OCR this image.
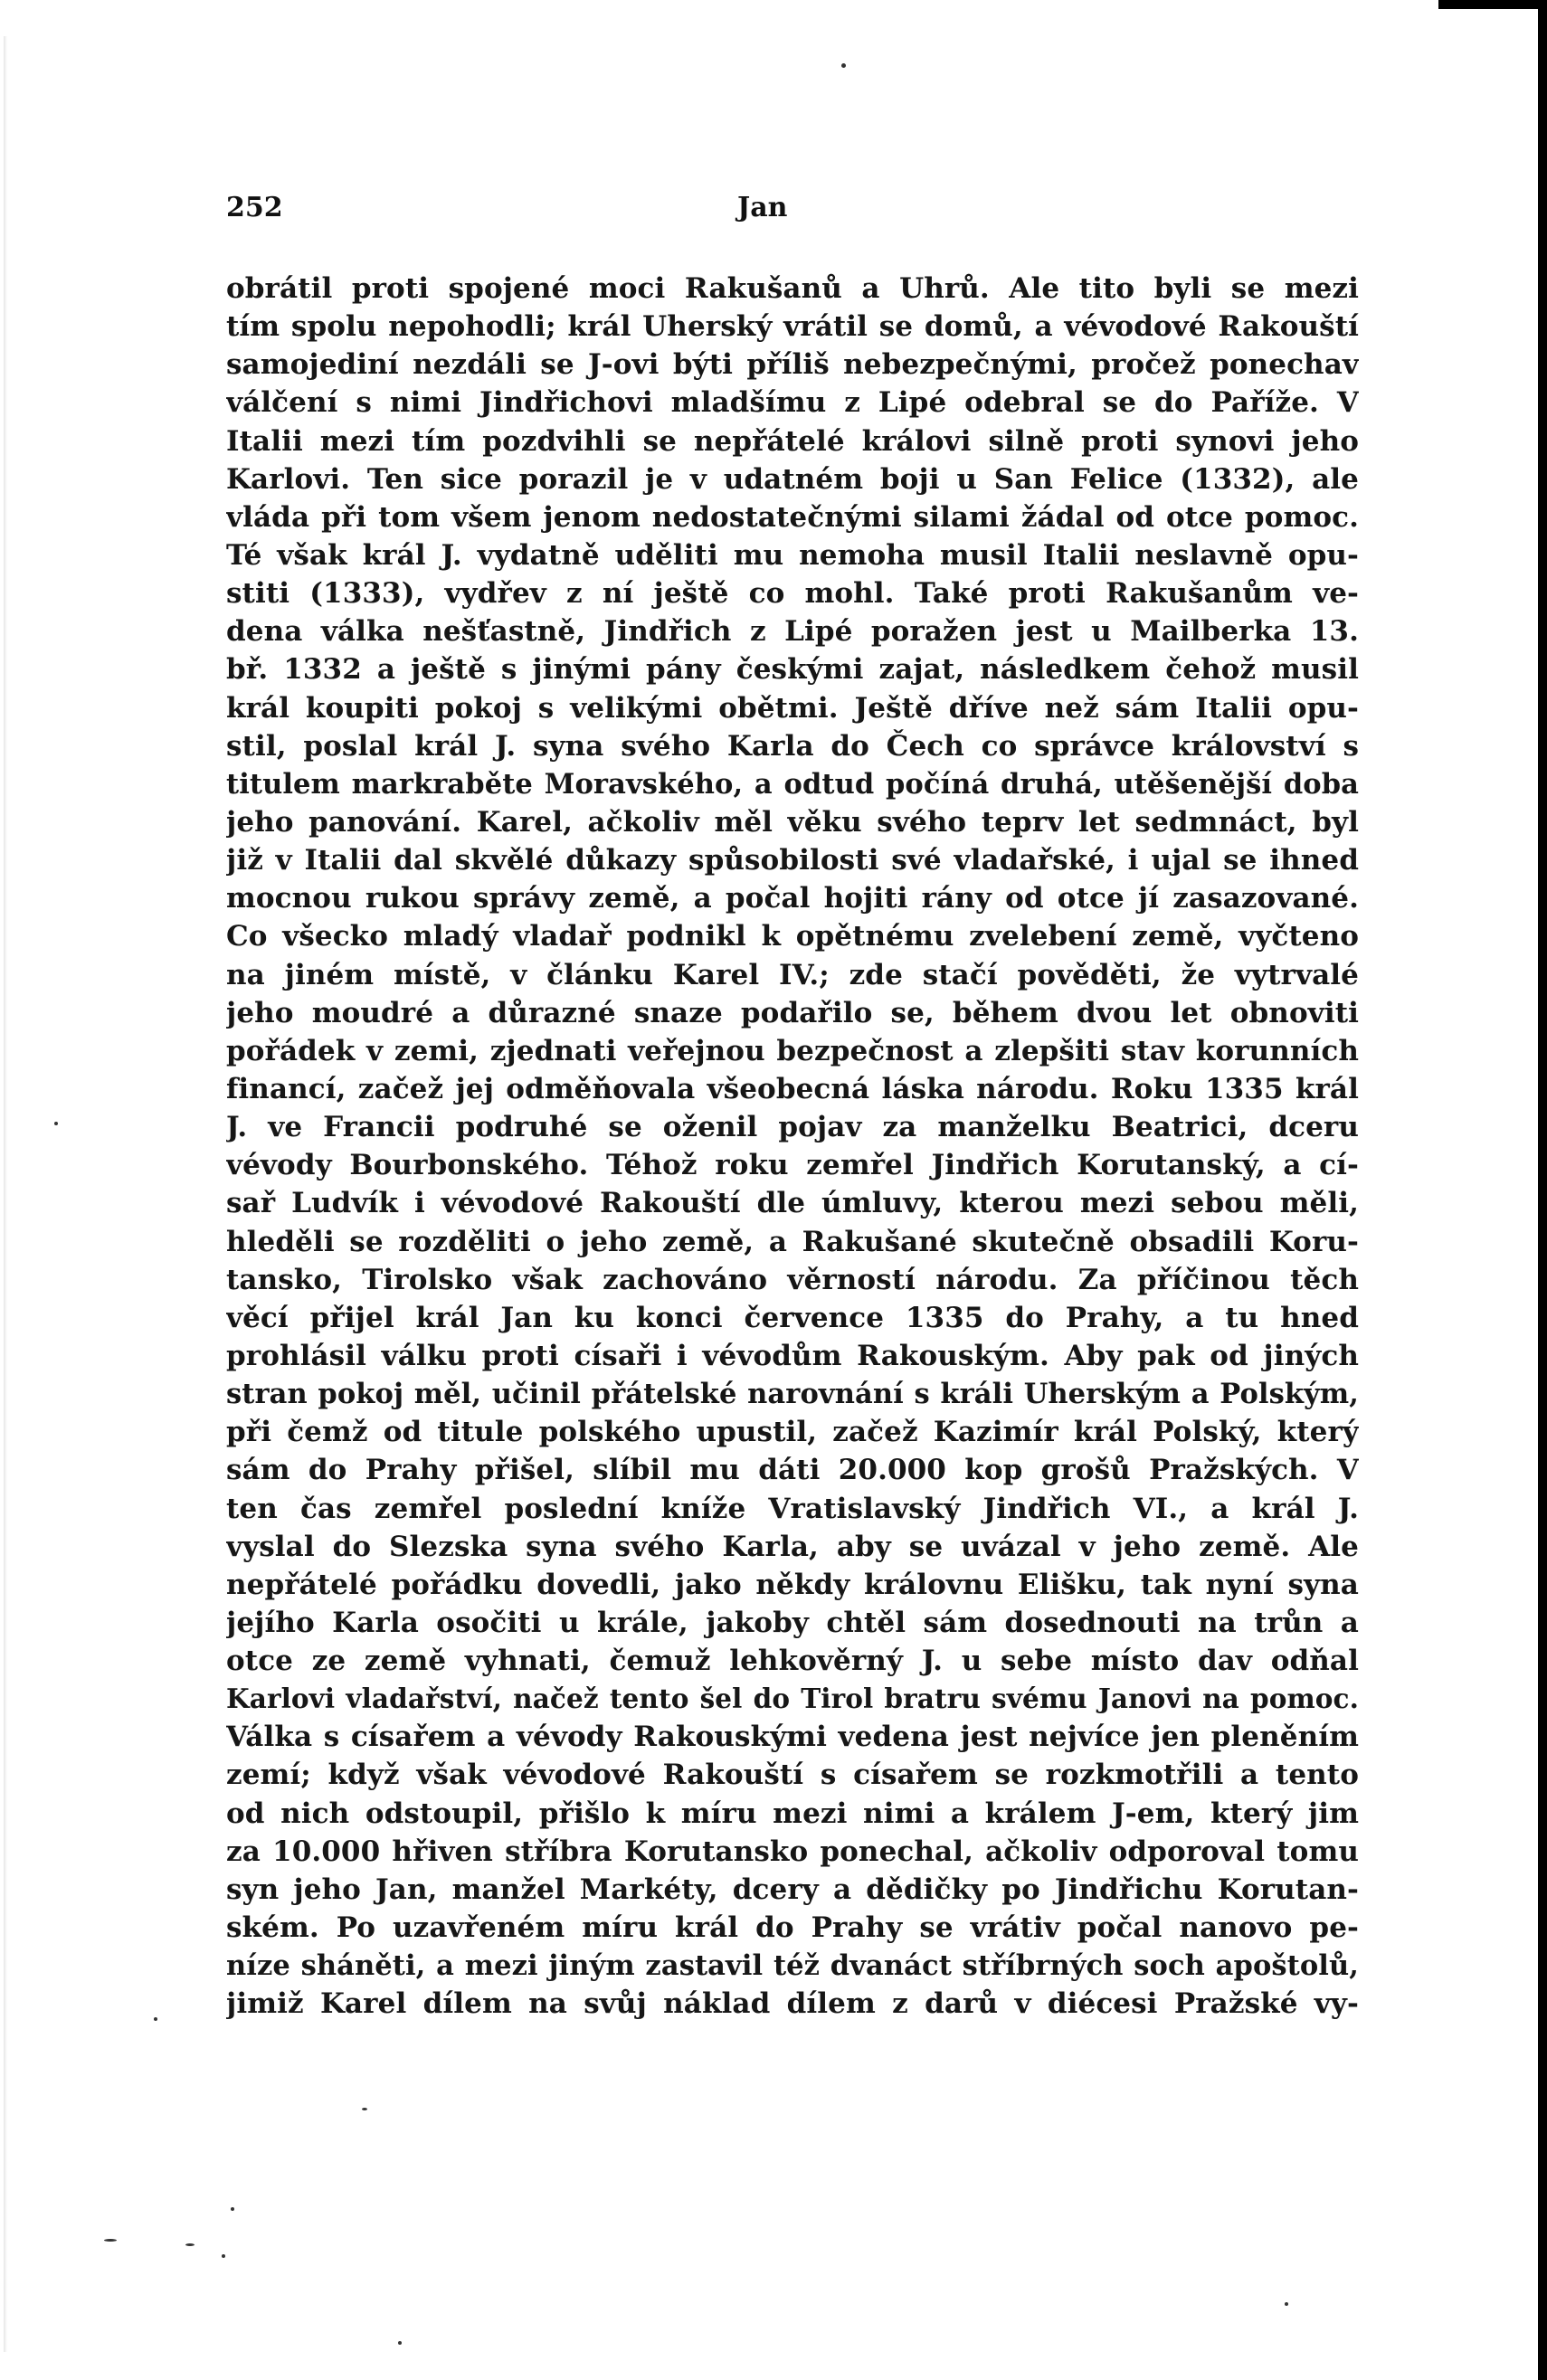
252	Jan
obrátil proti spojené moci Rakušanů a Uhrů. Ale tito byli se mezi
tím spolu nepohodli; král Uherský vrátil se domů, a vévodové Rakouští
samojediní nezdáli se J-ovi býti příliš nebezpečnými, pročež ponechav
válčení s nimi Jindřichovi mladšímu z Lipé odebral se do Paříže. V
Italii mezi tím pozdvihli se nepřátelé královi silně proti synovi jeho
Karlovi. Ten sice porazil je v udatném boji u San Felice (1332), ale
vláda při tom všem jenom nedostatečnými silami žádal od otce pomoc.
Té však král J. vydatně uděliti mu nemoha musil Italii neslavně opu-
stiti (1333), vydřev z ní ještě co mohl. Také proti Rakušanům ve-
dena válka nešťastně, Jindřich z Lipé poražen jest u Mailberka 13.
bř. 1332 a ještě s jinými pány českými zajat, následkem čehož musil
král koupiti pokoj s velikými obětmi. Ještě dříve než sám Italii opu-
stil, poslal král J. syna svého Karla do Čech co správce království s
titulem markraběte Moravského, a odtud počíná druhá, utěšenější doba
jeho panování. Karel, ačkoliv měl věku svého teprv let sedmnáct, byl
již v Italii dal skvělé důkazy spůsobilosti své vladařské, i ujal se ihned
mocnou rukou správy země, a počal hojiti rány od otce jí zasazované.
Co všecko mladý vladař podnikl k opětnému zvelebení země, vyčteno
na jiném místě, v článku Karel IV.; zde stačí pověděti, že vytrvalé
jeho moudré a důrazné snaze podařilo se, během dvou let obnoviti
pořádek v zemi, zjednati veřejnou bezpečnost a zlepšiti stav korunních
financí, začež jej odměňovala všeobecná láska národu. Roku 1335 král
J. ve Francii podruhé se oženil pojav za manželku Beatrici, dceru
vévody Bourbonského. Téhož roku zemřel Jindřich Korutanský, a cí-
sař Ludvík i vévodové Rakouští dle úmluvy, kterou mezi sebou měli,
hleděli se rozděliti o jeho země, a Rakušané skutečně obsadili Koru-
tansko, Tirolsko však zachováno věrností národu. Za příčinou těch
věcí přijel král Jan ku konci července 1335 do Prahy, a tu hned
prohlásil válku proti císaři i vévodům Rakouským. Aby pak od jiných
stran pokoj měl, učinil přátelské narovnání s králi Uherským a Polským,
při čemž od titule polského upustil, začež Kazimír král Polský, který
sám do Prahy přišel, slíbil mu dáti 20.000 kop grošů Pražských. V
ten čas zemřel poslední kníže Vratislavský Jindřich VI., a král J.
vyslal do Slezska syna svého Karla, aby se uvázal v jeho země. Ale
nepřátelé pořádku dovedli, jako někdy královnu Elišku, tak nyní syna
jejího Karla osočiti u krále, jakoby chtěl sám dosednouti na trůn a
otce ze země vyhnati, čemuž lehkověrný J. u sebe místo dav odňal
Karlovi vladařství, načež tento šel do Tirol bratru svému Janovi na pomoc.
Válka s císařem a vévody Rakouskými vedena jest nejvíce jen pleněním
zemí; když však vévodové Rakouští s císařem se rozkmotřili a tento
od nich odstoupil, přišlo k míru mezi nimi a králem J-em, který jim
za 10.000 hřiven stříbra Korutansko ponechal, ačkoliv odporoval tomu
syn jeho Jan, manžel Markéty, dcery a dědičky po Jindřichu Korutan-
ském. Po uzavřeném míru král do Prahy se vrátiv počal nanovo pe-
níze sháněti, a mezi jiným zastavil též dvanáct stříbrných soch apoštolů,
jimiž Karel dílem na svůj náklad dílem z darů v diécesi Pražské vy-
